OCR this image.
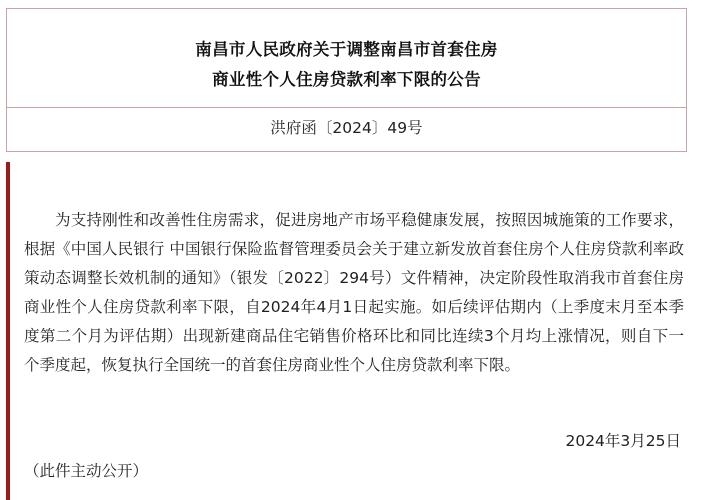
南昌市人民政府关于调整南昌市首套住房
商业性个人住房贷款利率下限的公告
洪府函〔2024〕49号

为支持刚性和改善性住房需求，促进房地产市场平稳健康发展，按照因城施策的工作要求，根据《中国人民银行 中国银行保险监督管理委员会关于建立新发放首套住房个人住房贷款利率政策动态调整长效机制的通知》（银发〔2022〕294号）文件精神，决定阶段性取消我市首套住房商业性个人住房贷款利率下限，自2024年4月1日起实施。如后续评估期内（上季度末月至本季度第二个月为评估期）出现新建商品住宅销售价格环比和同比连续3个月均上涨情况，则自下一个季度起，恢复执行全国统一的首套住房商业性个人住房贷款利率下限。

2024年3月25日
（此件主动公开）
